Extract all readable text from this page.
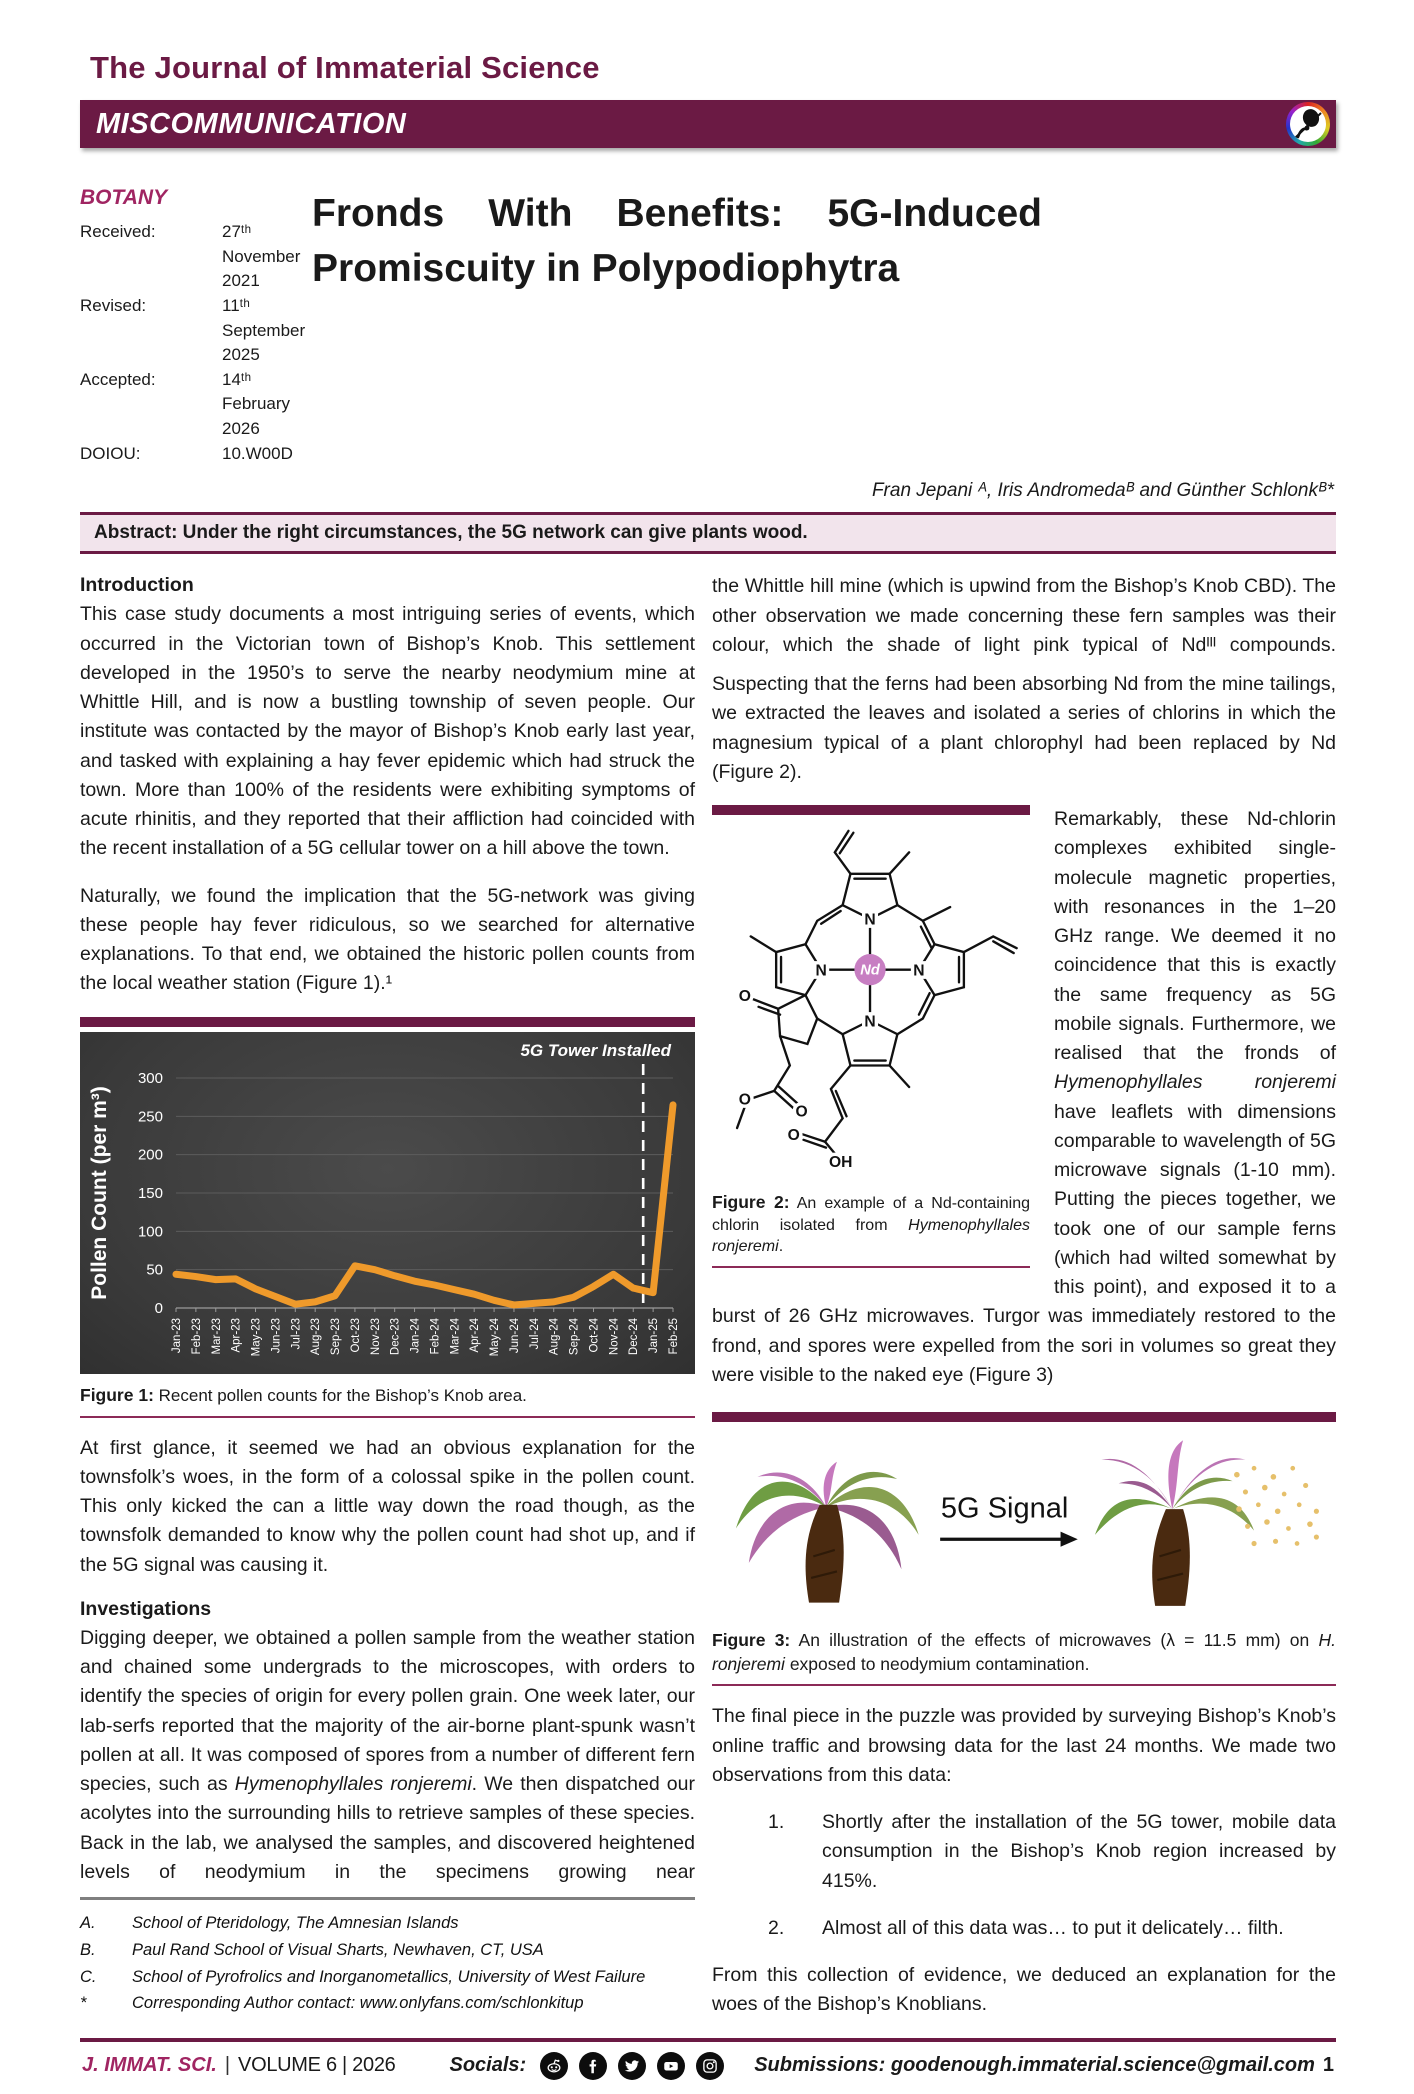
The Journal of Immaterial Science
MISCOMMUNICATION
BOTANY
Received:	27ᵗʰ November 2021
Revised:	11ᵗʰ September 2025
Accepted:	14ᵗʰ February 2026
DOIOU:	10.W00D
Fronds With Benefits: 5G-Induced Promiscuity in Polypodiophytra
Fran Jepani ᴬ, Iris Andromedaᴮ and Günther Schlonkᴮ*
Abstract: Under the right circumstances, the 5G network can give plants wood.
Introduction

This case study documents a most intriguing series of events, which occurred in the Victorian town of Bishop’s Knob. This settlement developed in the 1950’s to serve the nearby neodymium mine at Whittle Hill, and is now a bustling township of seven people. Our institute was contacted by the mayor of Bishop’s Knob early last year, and tasked with explaining a hay fever epidemic which had struck the town. More than 100% of the residents were exhibiting symptoms of acute rhinitis, and they reported that their affliction had coincided with the recent installation of a 5G cellular tower on a hill above the town.

Naturally, we found the implication that the 5G-network was giving these people hay fever ridiculous, so we searched for alternative explanations. To that end, we obtained the historic pollen counts from the local weather station (Figure 1).¹

0
50
100
150
200
250
300
Jan-23 Feb-23 Mar-23 Apr-23 May-23 Jun-23 Jul-23 Aug-23 Sep-23 Oct-23 Nov-23 Dec-23 Jan-24 Feb-24 Mar-24 Apr-24 May-24 Jun-24 Jul-24 Aug-24 Sep-24 Oct-24 Nov-24 Dec-24 Jan-25 Feb-25
5G Tower Installed
Pollen Count (per m³)
Figure 1: Recent pollen counts for the Bishop’s Knob area.

At first glance, it seemed we had an obvious explanation for the townsfolk’s woes, in the form of a colossal spike in the pollen count. This only kicked the can a little way down the road though, as the townsfolk demanded to know why the pollen count had shot up, and if the 5G signal was causing it.

Investigations

Digging deeper, we obtained a pollen sample from the weather station and chained some undergrads to the microscopes, with orders to identify the species of origin for every pollen grain. One week later, our lab-serfs reported that the majority of the air-borne plant-spunk wasn’t pollen at all. It was composed of spores from a number of different fern species, such as Hymenophyllales ronjeremi. We then dispatched our acolytes into the surrounding hills to retrieve samples of these species. Back in the lab, we analysed the samples, and discovered heightened levels of neodymium in the specimens growing near

A.	School of Pteridology, The Amnesian Islands
B.	Paul Rand School of Visual Sharts, Newhaven, CT, USA
C.	School of Pyrofrolics and Inorganometallics, University of West Failure
*	Corresponding Author contact: www.onlyfans.com/schlonkitup

the Whittle hill mine (which is upwind from the Bishop’s Knob CBD). The other observation we made concerning these fern samples was their colour, which the shade of light pink typical of Ndᴵᴵᴵ compounds.

Suspecting that the ferns had been absorbing Nd from the mine tailings, we extracted the leaves and isolated a series of chlorins in which the magnesium typical of a plant chlorophyl had been replaced by Nd (Figure 2).

N
N	N
N
O
O
O
O
OH
Nd
Figure 2: An example of a Nd-containing chlorin isolated from Hymenophyllales ronjeremi.

Remarkably, these Nd-chlorin complexes exhibited single-molecule magnetic properties, with resonances in the 1–20 GHz range. We deemed it no coincidence that this is exactly the same frequency as 5G mobile signals. Furthermore, we realised that the fronds of Hymenophyllales ronjeremi have leaflets with dimensions comparable to wavelength of 5G microwave signals (1-10 mm). Putting the pieces together, we took one of our sample ferns (which had wilted somewhat by this point), and exposed it to a burst of 26 GHz microwaves. Turgor was immediately restored to the frond, and spores were expelled from the sori in volumes so great they were visible to the naked eye (Figure 3)

5G Signal
Figure 3: An illustration of the effects of microwaves (λ = 11.5 mm) on H. ronjeremi exposed to neodymium contamination.

The final piece in the puzzle was provided by surveying Bishop’s Knob’s online traffic and browsing data for the last 24 months. We made two observations from this data:

1.	Shortly after the installation of the 5G tower, mobile data consumption in the Bishop’s Knob region increased by 415%.
2.	Almost all of this data was… to put it delicately… filth.

From this collection of evidence, we deduced an explanation for the woes of the Bishop’s Knoblians.

J. IMMAT. SCI. | VOLUME 6 | 2026	Socials:	Submissions: goodenough.immaterial.science@gmail.com 1
